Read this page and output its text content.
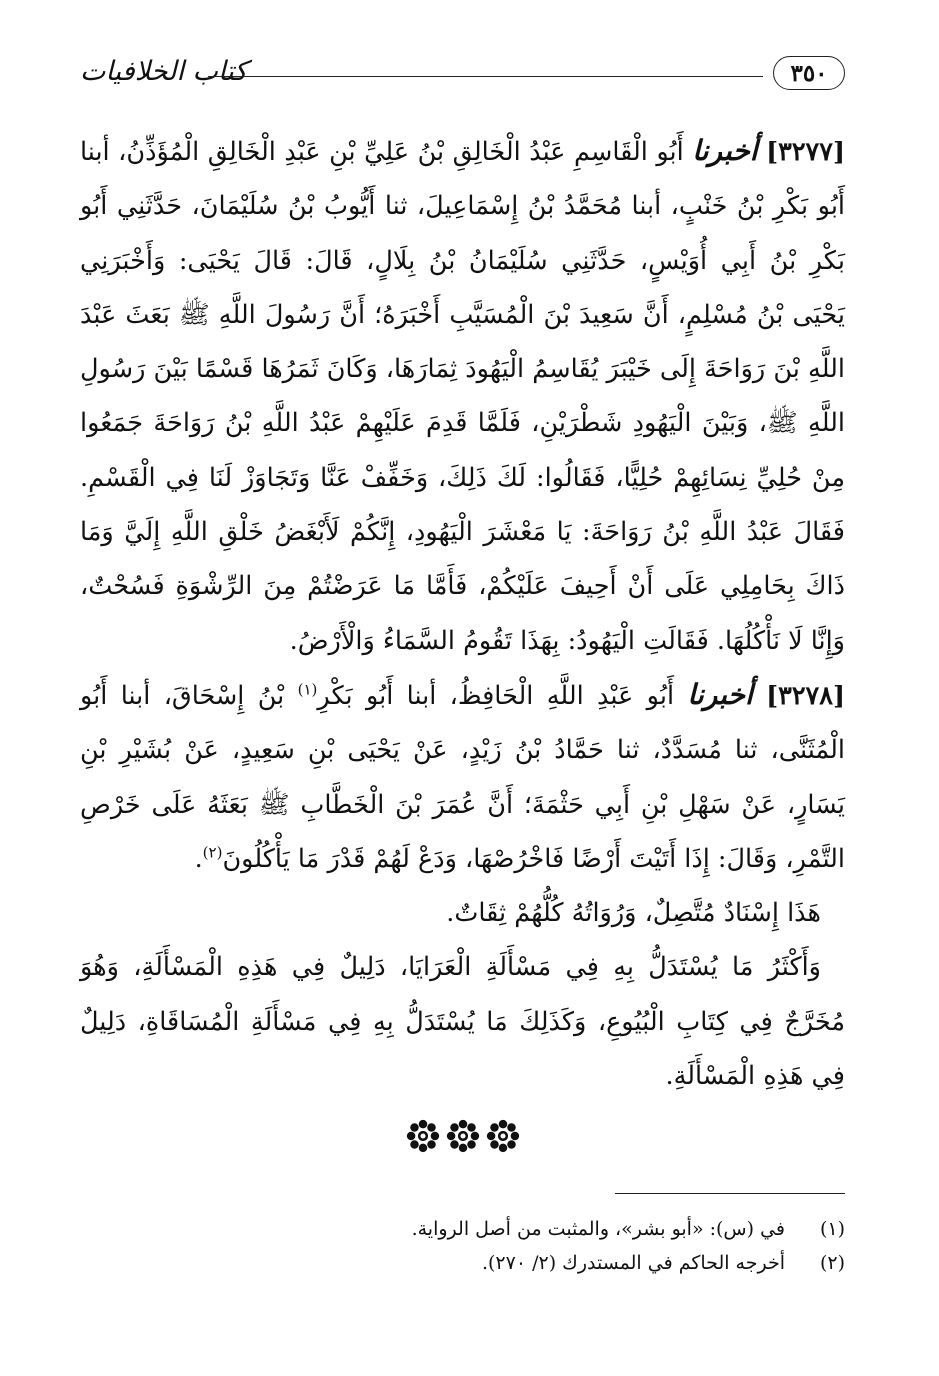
كتاب الخلافيات	٣٥٠

[٣٢٧٧] أخبرنا أَبُو الْقَاسِمِ عَبْدُ الْخَالِقِ بْنُ عَلِيِّ بْنِ عَبْدِ الْخَالِقِ الْمُؤَذِّنُ، أبنا أَبُو بَكْرِ بْنُ خَنْبٍ، أبنا مُحَمَّدُ بْنُ إِسْمَاعِيلَ، ثنا أَيُّوبُ بْنُ سُلَيْمَانَ، حَدَّثَنِي أَبُو بَكْرِ بْنُ أَبِي أُوَيْسٍ، حَدَّثَنِي سُلَيْمَانُ بْنُ بِلَالٍ، قَالَ: قَالَ يَحْيَى: وَأَخْبَرَنِي يَحْيَى بْنُ مُسْلِمٍ، أَنَّ سَعِيدَ بْنَ الْمُسَيَّبِ أَخْبَرَهُ؛ أَنَّ رَسُولَ اللَّهِ ﷺ بَعَثَ عَبْدَ اللَّهِ بْنَ رَوَاحَةَ إِلَى خَيْبَرَ يُقَاسِمُ الْيَهُودَ ثِمَارَهَا، وَكَانَ ثَمَرُهَا قَسْمًا بَيْنَ رَسُولِ اللَّهِ ﷺ، وَبَيْنَ الْيَهُودِ شَطْرَيْنِ، فَلَمَّا قَدِمَ عَلَيْهِمْ عَبْدُ اللَّهِ بْنُ رَوَاحَةَ جَمَعُوا مِنْ حُلِيِّ نِسَائِهِمْ حُلِيًّا، فَقَالُوا: لَكَ ذَلِكَ، وَخَفِّفْ عَنَّا وَتَجَاوَزْ لَنَا فِي الْقَسْمِ. فَقَالَ عَبْدُ اللَّهِ بْنُ رَوَاحَةَ: يَا مَعْشَرَ الْيَهُودِ، إِنَّكُمْ لَأَبْغَضُ خَلْقِ اللَّهِ إِلَيَّ وَمَا ذَاكَ بِحَامِلِي عَلَى أَنْ أَحِيفَ عَلَيْكُمْ، فَأَمَّا مَا عَرَضْتُمْ مِنَ الرِّشْوَةِ فَسُحْتٌ، وَإِنَّا لَا نَأْكُلُهَا. فَقَالَتِ الْيَهُودُ: بِهَذَا تَقُومُ السَّمَاءُ وَالْأَرْضُ.

[٣٢٧٨] أخبرنا أَبُو عَبْدِ اللَّهِ الْحَافِظُ، أبنا أَبُو بَكْرِ$^{(١)}$ بْنُ إِسْحَاقَ، أبنا أَبُو الْمُثَنَّى، ثنا مُسَدَّدٌ، ثنا حَمَّادُ بْنُ زَيْدٍ، عَنْ يَحْيَى بْنِ سَعِيدٍ، عَنْ بُشَيْرِ بْنِ يَسَارٍ، عَنْ سَهْلِ بْنِ أَبِي حَثْمَةَ؛ أَنَّ عُمَرَ بْنَ الْخَطَّابِ ﷺ بَعَثَهُ عَلَى خَرْصِ التَّمْرِ، وَقَالَ: إِذَا أَتَيْتَ أَرْضًا فَاخْرُصْهَا، وَدَعْ لَهُمْ قَدْرَ مَا يَأْكُلُونَ$^{(٢)}$.

هَذَا إِسْنَادٌ مُتَّصِلٌ، وَرُوَاتُهُ كُلُّهُمْ ثِقَاتٌ.

وَأَكْثَرُ مَا يُسْتَدَلُّ بِهِ فِي مَسْأَلَةِ الْعَرَايَا، دَلِيلٌ فِي هَذِهِ الْمَسْأَلَةِ، وَهُوَ مُخَرَّجٌ فِي كِتَابِ الْبُيُوعِ، وَكَذَلِكَ مَا يُسْتَدَلُّ بِهِ فِي مَسْأَلَةِ الْمُسَاقَاةِ، دَلِيلٌ فِي هَذِهِ الْمَسْأَلَةِ.

(١)
في (س): «أبو بشر»، والمثبت من أصل الرواية.
(٢)
أخرجه الحاكم في المستدرك (٢/ ٢٧٠).
